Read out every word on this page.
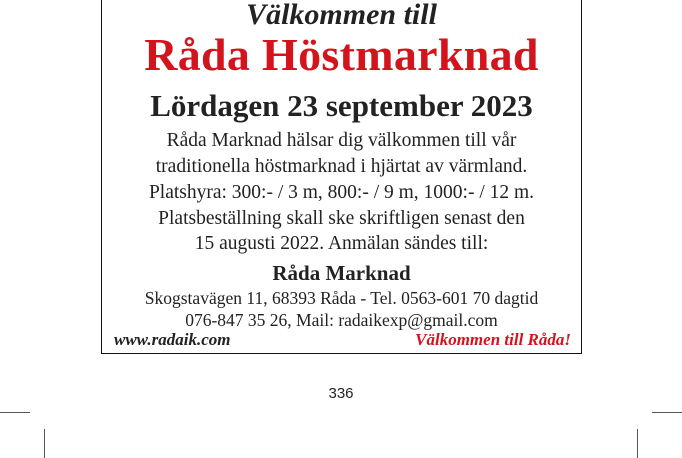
Välkommen till
Råda Höstmarknad
Lördagen 23 september 2023
Råda Marknad hälsar dig välkommen till vår
traditionella höstmarknad i hjärtat av värmland.
Platshyra: 300:- / 3 m, 800:- / 9 m, 1000:- / 12 m.
Platsbeställning skall ske skriftligen senast den
15 augusti 2022. Anmälan sändes till:
Råda Marknad
Skogstavägen 11, 68393 Råda - Tel. 0563-601 70 dagtid
076-847 35 26, Mail: radaikexp@gmail.com
www.radaik.com	Välkommen till Råda!
336
